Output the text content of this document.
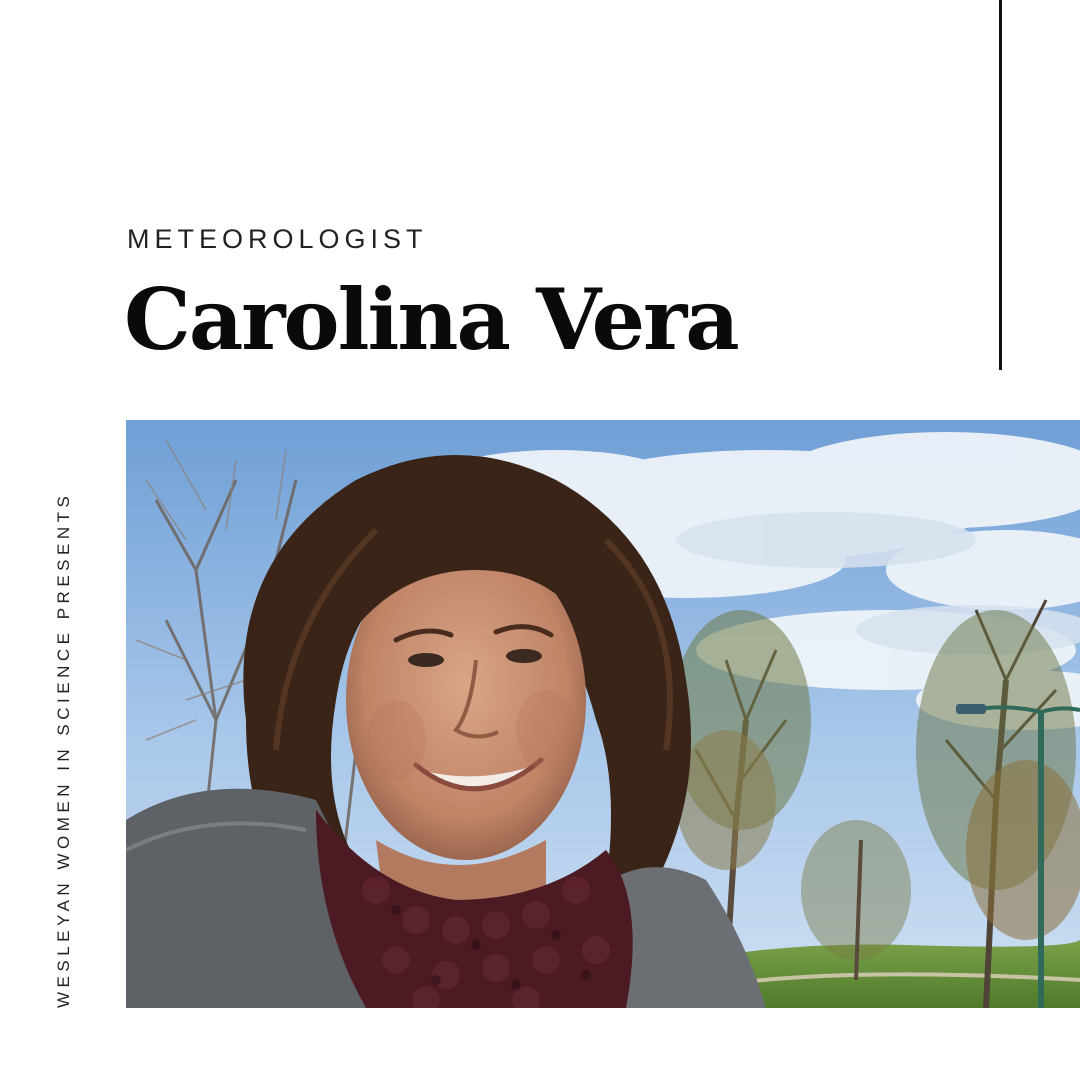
METEOROLOGIST
Carolina Vera
WESLEYAN WOMEN IN SCIENCE PRESENTS
